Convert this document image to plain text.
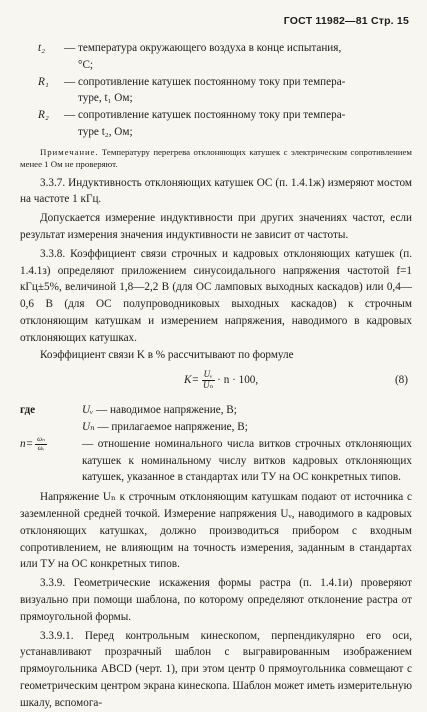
ГОСТ 11982—81 Стр. 15
t₂	— температура окружающего воздуха в конце испытания,
°С;
R₁	— сопротивление катушек постоянному току при темпера-
туре, t₁ Ом;
R₂	— сопротивление катушек постоянному току при темпера-
туре t₂, Ом;

Примечание. Температуру перегрева отклоняющих катушек с электрическим сопротивлением менее 1 Ом не проверяют.

3.3.7. Индуктивность отклоняющих катушек ОС (п. 1.4.1ж) измеряют мостом на частоте 1 кГц.

Допускается измерение индуктивности при других значениях частот, если результат измерения значения индуктивности не зависит от частоты.

3.3.8. Коэффициент связи строчных и кадровых отклоняющих катушек (п. 1.4.1з) определяют приложением синусоидального напряжения частотой f=1 кГц±5%, величиной 1,8—2,2 В (для ОС ламповых выходных каскадов) или 0,4—0,6 В (для ОС полупроводниковых выходных каскадов) к строчным отклоняющим катушкам и измерением напряжения, наводимого в кадровых отклоняющих катушках.

Коэффициент связи K в % рассчитывают по формуле

$K= \frac{\text{Uᵥ}}{\text{Uₙ}} \cdot n \cdot 100$,	(8)
где	Uᵥ — наводимое напряжение, В;
Uₙ — прилагаемое напряжение, В;
$n= \frac{\text{ωₙ}}{\text{ωᵥ}}$	— отношение номинального числа витков строчных отклоняющих катушек к номинальному числу витков кадровых отклоняющих катушек, указанное в стандартах или ТУ на ОС конкретных типов.

Напряжение Uₙ к строчным отклоняющим катушкам подают от источника с заземленной средней точкой. Измерение напряжения Uᵥ, наводимого в кадровых отклоняющих катушках, должно производиться прибором с входным сопротивлением, не влияющим на точность измерения, заданным в стандартах или ТУ на ОС конкретных типов.

3.3.9. Геометрические искажения формы растра (п. 1.4.1и) проверяют визуально при помощи шаблона, по которому определяют отклонение растра от прямоугольной формы.

3.3.9.1. Перед контрольным кинескопом, перпендикулярно его оси, устанавливают прозрачный шаблон с выгравированным изображением прямоугольника ABCD (черт. 1), при этом центр 0 прямоугольника совмещают с геометрическим центром экрана кинескопа. Шаблон может иметь измерительную шкалу, вспомога-
